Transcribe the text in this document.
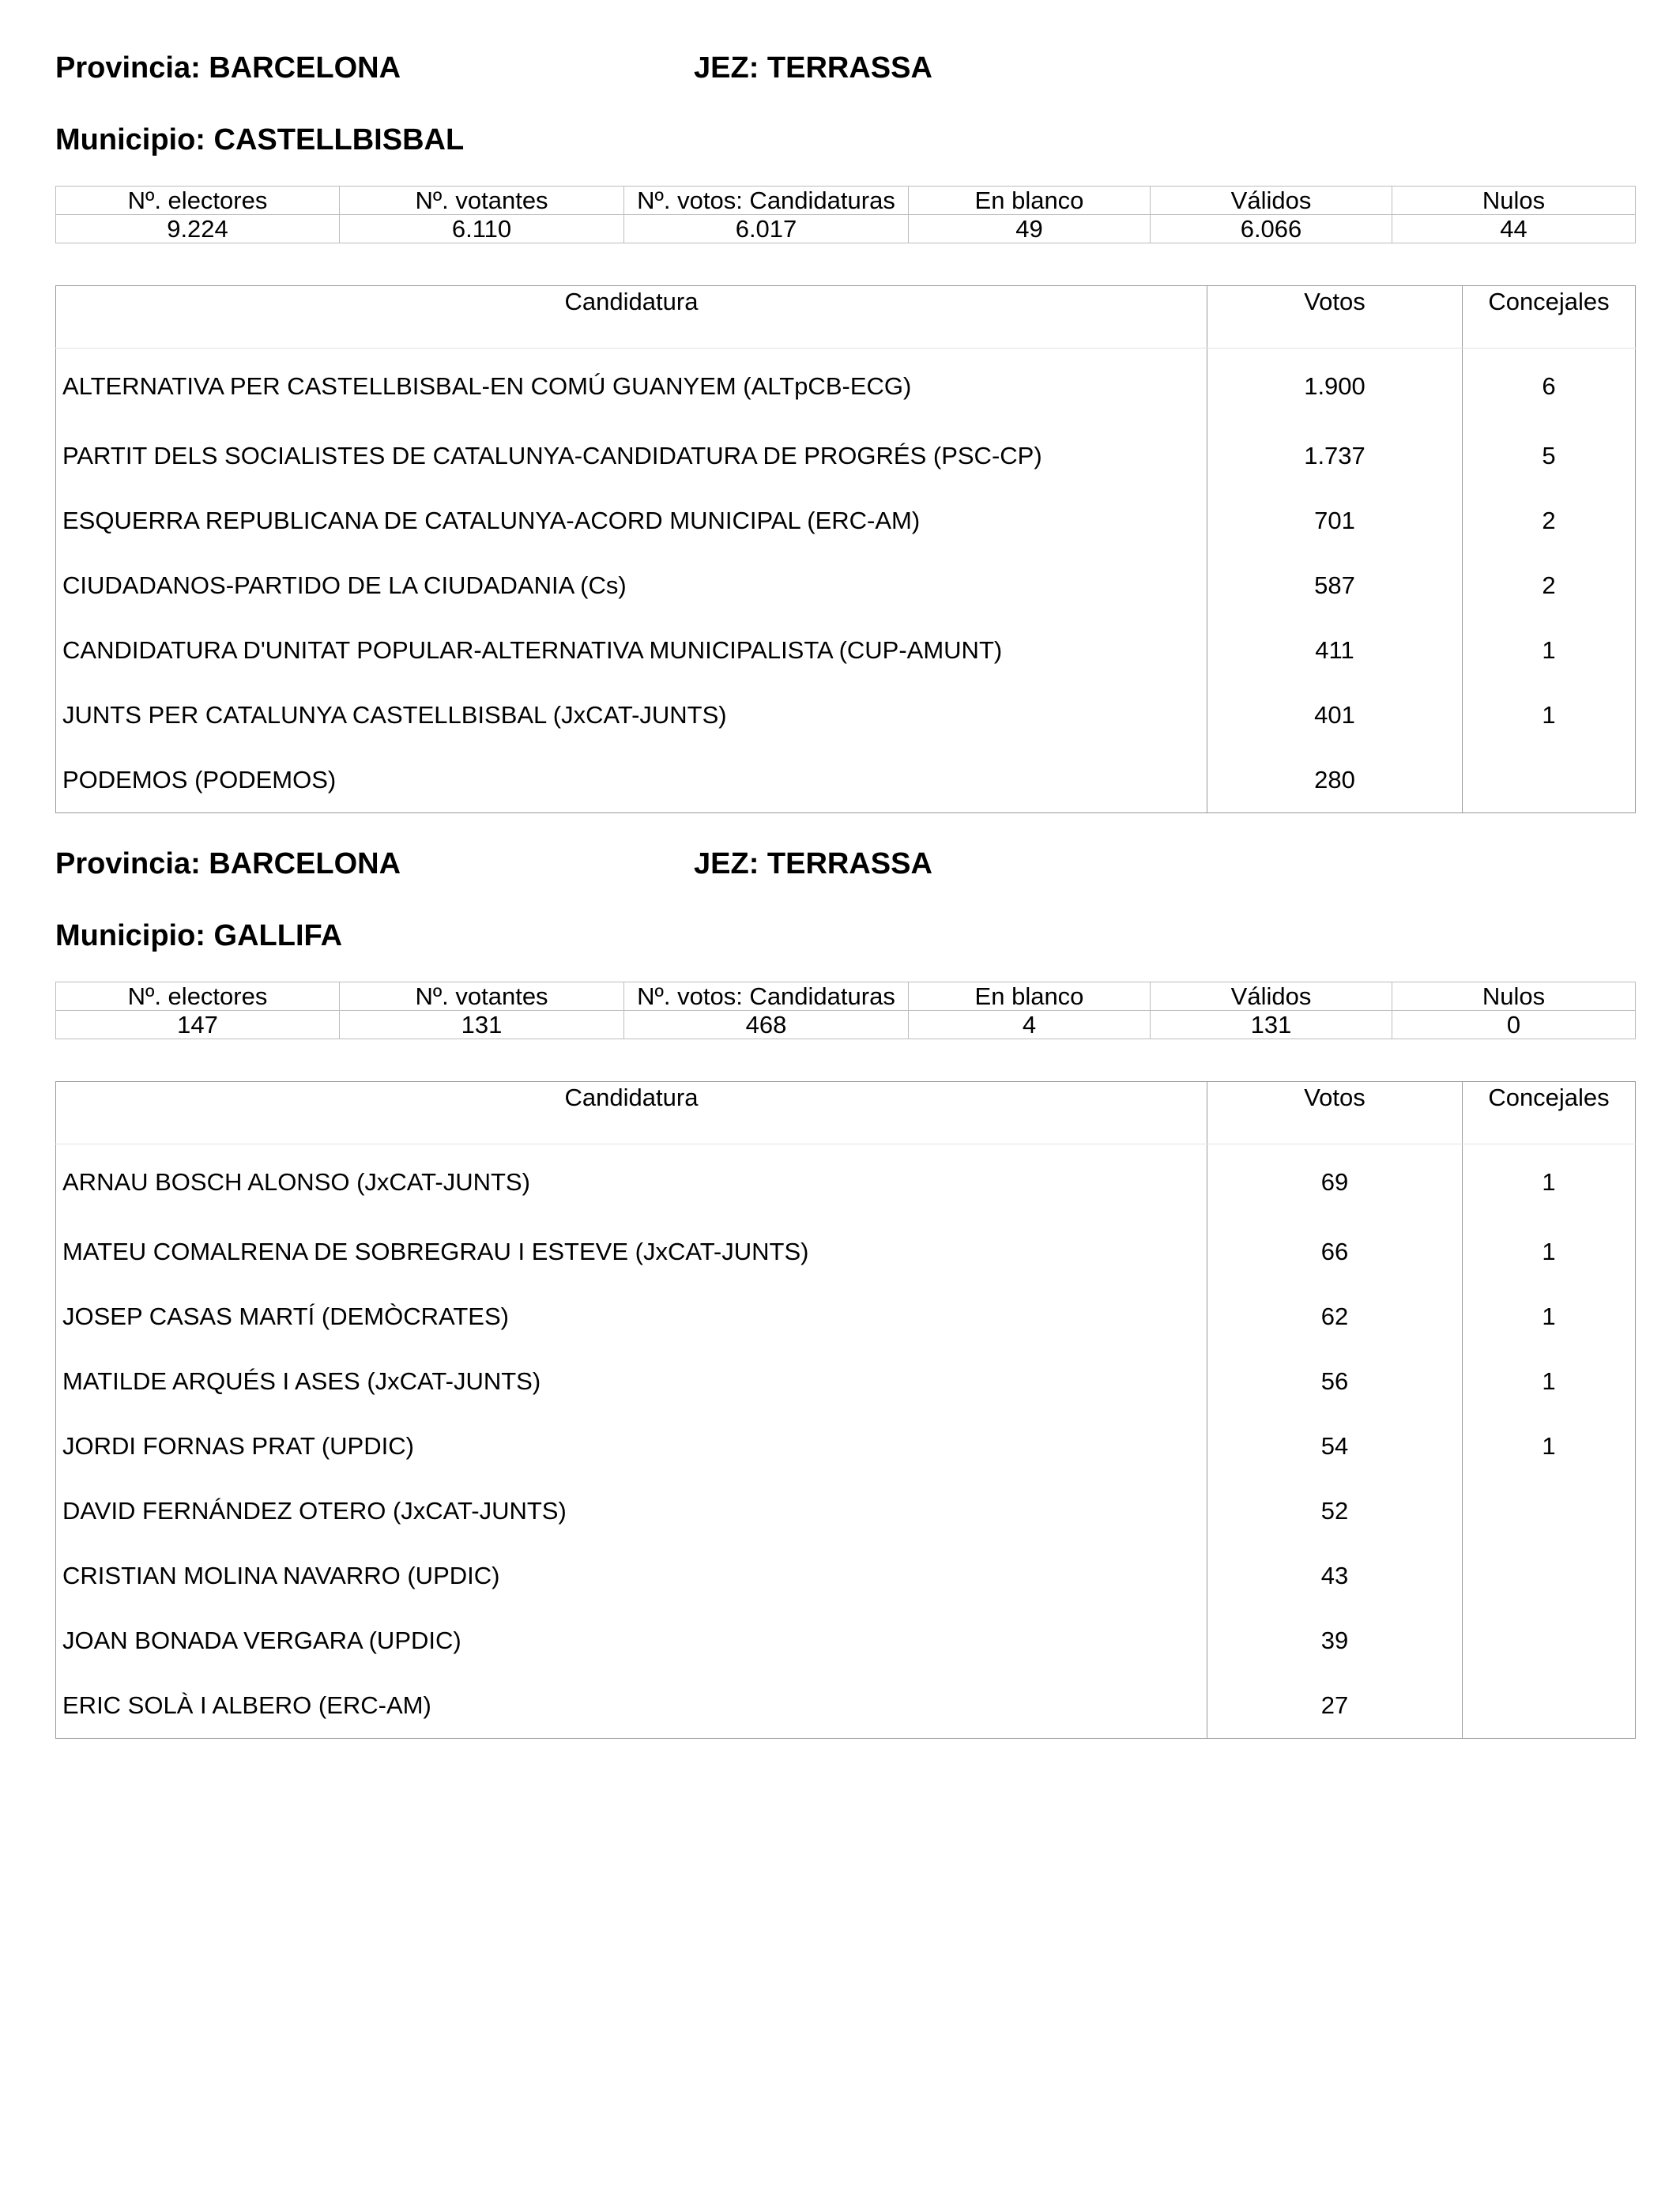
Provincia: BARCELONA	JEZ: TERRASSA
Municipio: CASTELLBISBAL
Nº. electores	Nº. votantes	Nº. votos: Candidaturas	En blanco	Válidos	Nulos
9.224	6.110	6.017	49	6.066	44
Candidatura	Votos	Concejales
ALTERNATIVA PER CASTELLBISBAL-EN COMÚ GUANYEM (ALTpCB-ECG)	1.900	6
PARTIT DELS SOCIALISTES DE CATALUNYA-CANDIDATURA DE PROGRÉS (PSC-CP)	1.737	5
ESQUERRA REPUBLICANA DE CATALUNYA-ACORD MUNICIPAL (ERC-AM)	701	2
CIUDADANOS-PARTIDO DE LA CIUDADANIA (Cs)	587	2
CANDIDATURA D'UNITAT POPULAR-ALTERNATIVA MUNICIPALISTA (CUP-AMUNT)	411	1
JUNTS PER CATALUNYA CASTELLBISBAL (JxCAT-JUNTS)	401	1
PODEMOS (PODEMOS)	280	
Provincia: BARCELONA	JEZ: TERRASSA
Municipio: GALLIFA
Nº. electores	Nº. votantes	Nº. votos: Candidaturas	En blanco	Válidos	Nulos
147	131	468	4	131	0
Candidatura	Votos	Concejales
ARNAU BOSCH ALONSO (JxCAT-JUNTS)	69	1
MATEU COMALRENA DE SOBREGRAU I ESTEVE (JxCAT-JUNTS)	66	1
JOSEP CASAS MARTÍ (DEMÒCRATES)	62	1
MATILDE ARQUÉS I ASES (JxCAT-JUNTS)	56	1
JORDI FORNAS PRAT (UPDIC)	54	1
DAVID FERNÁNDEZ OTERO (JxCAT-JUNTS)	52	
CRISTIAN MOLINA NAVARRO (UPDIC)	43	
JOAN BONADA VERGARA (UPDIC)	39	
ERIC SOLÀ I ALBERO (ERC-AM)	27	
